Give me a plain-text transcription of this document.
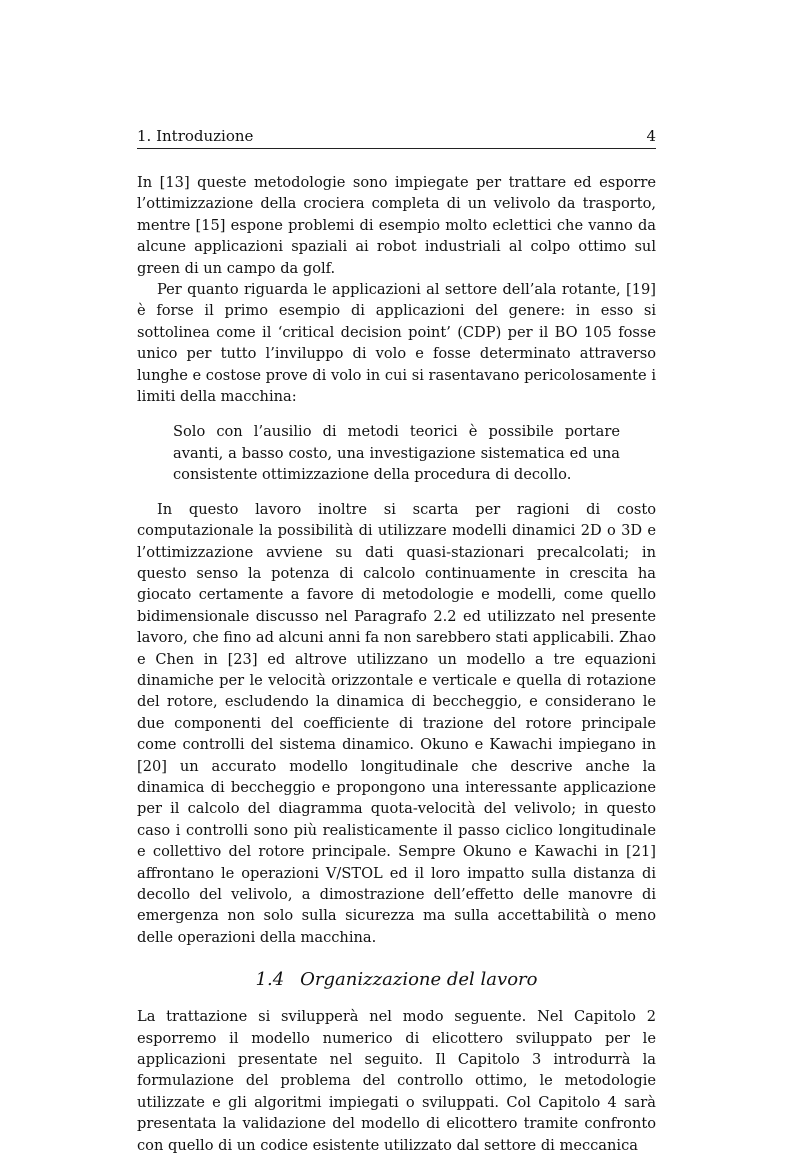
1. Introduzione	4

In [13] queste metodologie sono impiegate per trattare ed esporre l’ottimizzazione della crociera completa di un velivolo da trasporto, mentre [15] espone problemi di esempio molto eclettici che vanno da alcune applicazioni spaziali ai robot industriali al colpo ottimo sul green di un campo da golf.

Per quanto riguarda le applicazioni al settore dell’ala rotante, [19] è forse il primo esempio di applicazioni del genere: in esso si sottolinea come il ‘critical decision point’ (CDP) per il BO 105 fosse unico per tutto l’inviluppo di volo e fosse determinato attraverso lunghe e costose prove di volo in cui si rasentavano pericolosamente i limiti della macchina:

Solo con l’ausilio di metodi teorici è possibile portare avanti, a basso costo, una investigazione sistematica ed una consistente ottimizzazione della procedura di decollo.

In questo lavoro inoltre si scarta per ragioni di costo computazionale la possibilità di utilizzare modelli dinamici 2D o 3D e l’ottimizzazione avviene su dati quasi-stazionari precalcolati; in questo senso la potenza di calcolo continuamente in crescita ha giocato certamente a favore di metodologie e modelli, come quello bidimensionale discusso nel Paragrafo 2.2 ed utilizzato nel presente lavoro, che fino ad alcuni anni fa non sarebbero stati applicabili. Zhao e Chen in [23] ed altrove utilizzano un modello a tre equazioni dinamiche per le velocità orizzontale e verticale e quella di rotazione del rotore, escludendo la dinamica di beccheggio, e considerano le due componenti del coefficiente di trazione del rotore principale come controlli del sistema dinamico. Okuno e Kawachi impiegano in [20] un accurato modello longitudinale che descrive anche la dinamica di beccheggio e propongono una interessante applicazione per il calcolo del diagramma quota-velocità del velivolo; in questo caso i controlli sono più realisticamente il passo ciclico longitudinale e collettivo del rotore principale. Sempre Okuno e Kawachi in [21] affrontano le operazioni V/STOL ed il loro impatto sulla distanza di decollo del velivolo, a dimostrazione dell’effetto delle manovre di emergenza non solo sulla sicurezza ma sulla accettabilità o meno delle operazioni della macchina.

1.4 Organizzazione del lavoro

La trattazione si svilupperà nel modo seguente. Nel Capitolo 2 esporremo il modello numerico di elicottero sviluppato per le applicazioni presentate nel seguito. Il Capitolo 3 introdurrà la formulazione del problema del controllo ottimo, le metodologie utilizzate e gli algoritmi impiegati o sviluppati. Col Capitolo 4 sarà presentata la validazione del modello di elicottero tramite confronto con quello di un codice esistente utilizzato dal settore di meccanica
